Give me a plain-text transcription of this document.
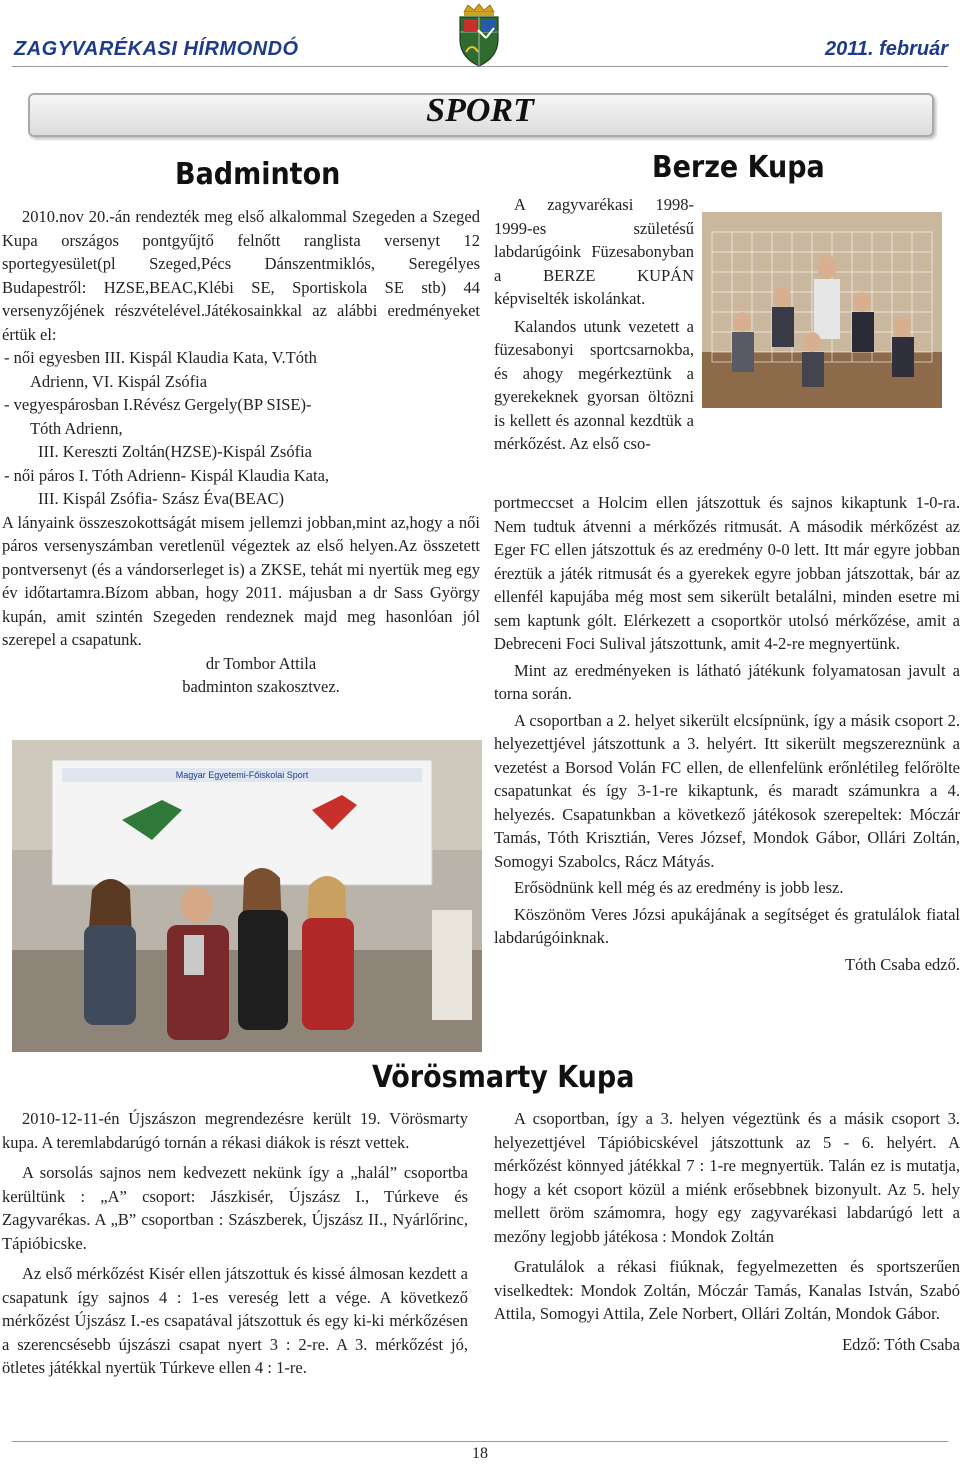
ZAGYVARÉKASI HÍRMONDÓ	2011. február
SPORT
Badminton

2010.nov 20.-án rendezték meg első alkalommal Szegeden a Szeged Kupa országos pontgyűjtő felnőtt ranglista versenyt 12 sportegyesület(pl Szeged,Pécs Dánszentmiklós, Seregélyes Budapestről: HZSE,BEAC,Klébi SE, Sportiskola SE stb) 44 versenyzőjének részvételével.Játékosainkkal az alábbi eredményeket értük el:

- női egyesben III. Kispál Klaudia Kata, V.Tóth
Adrienn, VI. Kispál Zsófia
- vegyespárosban I.Révész Gergely(BP SISE)-
Tóth Adrienn,
III. Kereszti Zoltán(HZSE)-Kispál Zsófia
- női páros I. Tóth Adrienn- Kispál Klaudia Kata,
III. Kispál Zsófia- Szász Éva(BEAC)

A lányaink összeszokottságát misem jellemzi jobban,mint az,hogy a női páros versenyszámban veretlenül végeztek az első helyen.Az összetett pontversenyt (és a vándorserleget is) a ZKSE, tehát mi nyertük meg egy év időtartamra.Bízom abban, hogy 2011. májusban a dr Sass György kupán, amit szintén Szegeden rendeznek majd meg hasonlóan jól szerepel a csapatunk.

dr Tombor Attila

badminton szakosztvez.

Magyar Egyetemi-Főiskolai Sport
Berze Kupa

A zagyvarékasi 1998-1999-es születésű labdarúgóink Füzesabonyban a BERZE KUPÁN képviselték iskolánkat.

Kalandos utunk vezetett a füzesabonyi sportcsarnokba, és ahogy megérkeztünk a gyerekeknek gyorsan öltözni is kellett és azonnal kezdtük a mérkőzést. Az első cso-

portmeccset a Holcim ellen játszottuk és sajnos kikaptunk 1-0-ra. Nem tudtuk átvenni a mérkőzés ritmusát. A második mérkőzést az Eger FC ellen játszottuk és az eredmény 0-0 lett. Itt már egyre jobban éreztük a játék ritmusát és a gyerekek egyre jobban játszottak, bár az ellenfél kapujába még most sem sikerült betalálni, minden esetre mi sem kaptunk gólt. Elérkezett a csoportkör utolsó mérkőzése, amit a Debreceni Foci Sulival játszottunk, amit 4-2-re megnyertünk.

Mint az eredményeken is látható játékunk folyamatosan javult a torna során.

A csoportban a 2. helyet sikerült elcsípnünk, így a másik csoport 2. helyezettjével játszottunk a 3. helyért. Itt sikerült megszereznünk a vezetést a Borsod Volán FC ellen, de ellenfelünk erőnlétileg felőrölte csapatunkat és így 3-1-re kikaptunk, és maradt számunkra a 4. helyezés. Csapatunkban a következő játékosok szerepeltek: Móczár Tamás, Tóth Krisztián, Veres József, Mondok Gábor, Ollári Zoltán, Somogyi Szabolcs, Rácz Mátyás.

Erősödnünk kell még és az eredmény is jobb lesz.

Köszönöm Veres Józsi apukájának a segítséget és gratulálok fiatal labdarúgóinknak.

Tóth Csaba edző.

Vörösmarty Kupa

2010-12-11-én Újszászon megrendezésre került 19. Vörösmarty kupa. A teremlabdarúgó tornán a rékasi diákok is részt vettek.

A sorsolás sajnos nem kedvezett nekünk így a „halál” csoportba kerültünk : „A” csoport: Jászkisér, Újszász I., Túrkeve és Zagyvarékas. A „B” csoportban : Szászberek, Újszász II., Nyárlőrinc, Tápióbicske.

Az első mérkőzést Kisér ellen játszottuk és kissé álmosan kezdett a csapatunk így sajnos 4 : 1-es vereség lett a vége. A következő mérkőzést Újszász I.-es csapatával játszottuk és egy ki-ki mérkőzésen a szerencsésebb újszászi csapat nyert 3 : 2-re. A 3. mérkőzést jó, ötletes játékkal nyertük Túrkeve ellen 4 : 1-re.

A csoportban, így a 3. helyen végeztünk és a másik csoport 3. helyezettjével Tápióbicskével játszottunk az 5 - 6. helyért. A mérkőzést könnyed játékkal 7 : 1-re megnyertük. Talán ez is mutatja, hogy a két csoport közül a miénk erősebbnek bizonyult. Az 5. hely mellett öröm számomra, hogy egy zagyvarékasi labdarúgó lett a mezőny legjobb játékosa : Mondok Zoltán

Gratulálok a rékasi fiúknak, fegyelmezetten és sportszerűen viselkedtek: Mondok Zoltán, Móczár Tamás, Kanalas István, Szabó Attila, Somogyi Attila, Zele Norbert, Ollári Zoltán, Mondok Gábor.

Edző: Tóth Csaba

18
